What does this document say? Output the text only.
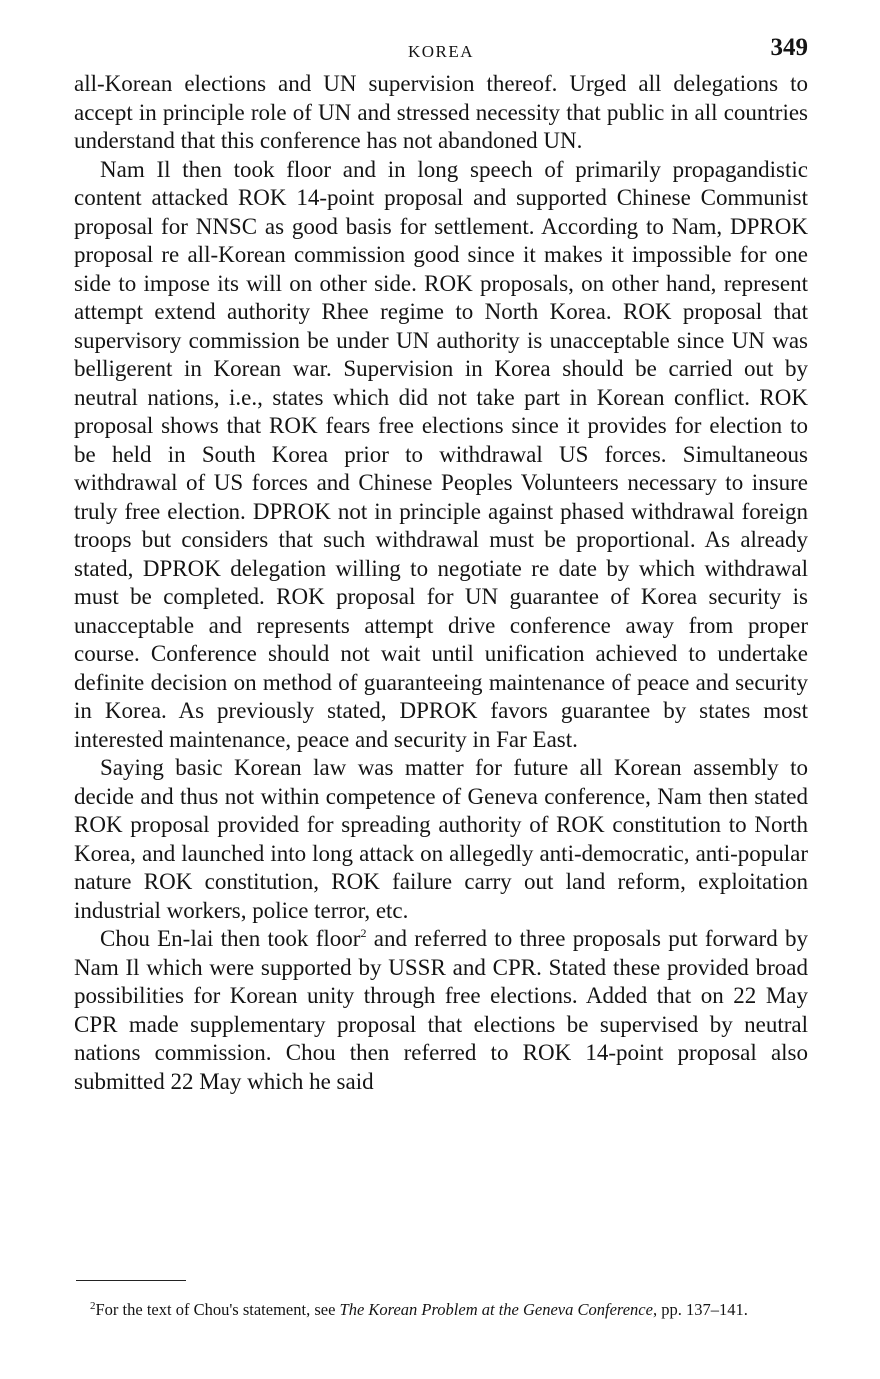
KOREA	349

all-Korean elections and UN supervision thereof. Urged all delegations to accept in principle role of UN and stressed necessity that public in all countries understand that this conference has not abandoned UN.

Nam Il then took floor and in long speech of primarily propagandistic content attacked ROK 14-point proposal and supported Chinese Communist proposal for NNSC as good basis for settlement. According to Nam, DPROK proposal re all-Korean commission good since it makes it impossible for one side to impose its will on other side. ROK proposals, on other hand, represent attempt extend authority Rhee regime to North Korea. ROK proposal that supervisory commission be under UN authority is unacceptable since UN was belligerent in Korean war. Supervision in Korea should be carried out by neutral nations, i.e., states which did not take part in Korean conflict. ROK proposal shows that ROK fears free elections since it provides for election to be held in South Korea prior to withdrawal US forces. Simultaneous withdrawal of US forces and Chinese Peoples Volunteers necessary to insure truly free election. DPROK not in principle against phased withdrawal foreign troops but considers that such withdrawal must be proportional. As already stated, DPROK delegation willing to negotiate re date by which withdrawal must be completed. ROK proposal for UN guarantee of Korea security is unacceptable and represents attempt drive conference away from proper course. Conference should not wait until unification achieved to undertake definite decision on method of guaranteeing maintenance of peace and security in Korea. As previously stated, DPROK favors guarantee by states most interested maintenance, peace and security in Far East.

Saying basic Korean law was matter for future all Korean assembly to decide and thus not within competence of Geneva conference, Nam then stated ROK proposal provided for spreading authority of ROK constitution to North Korea, and launched into long attack on allegedly anti-democratic, anti-popular nature ROK constitution, ROK failure carry out land reform, exploitation industrial workers, police terror, etc.

Chou En-lai then took floor$^2$ and referred to three proposals put forward by Nam Il which were supported by USSR and CPR. Stated these provided broad possibilities for Korean unity through free elections. Added that on 22 May CPR made supplementary proposal that elections be supervised by neutral nations commission. Chou then referred to ROK 14-point proposal also submitted 22 May which he said

$^2$For the text of Chou's statement, see The Korean Problem at the Geneva Conference, pp. 137–141.
